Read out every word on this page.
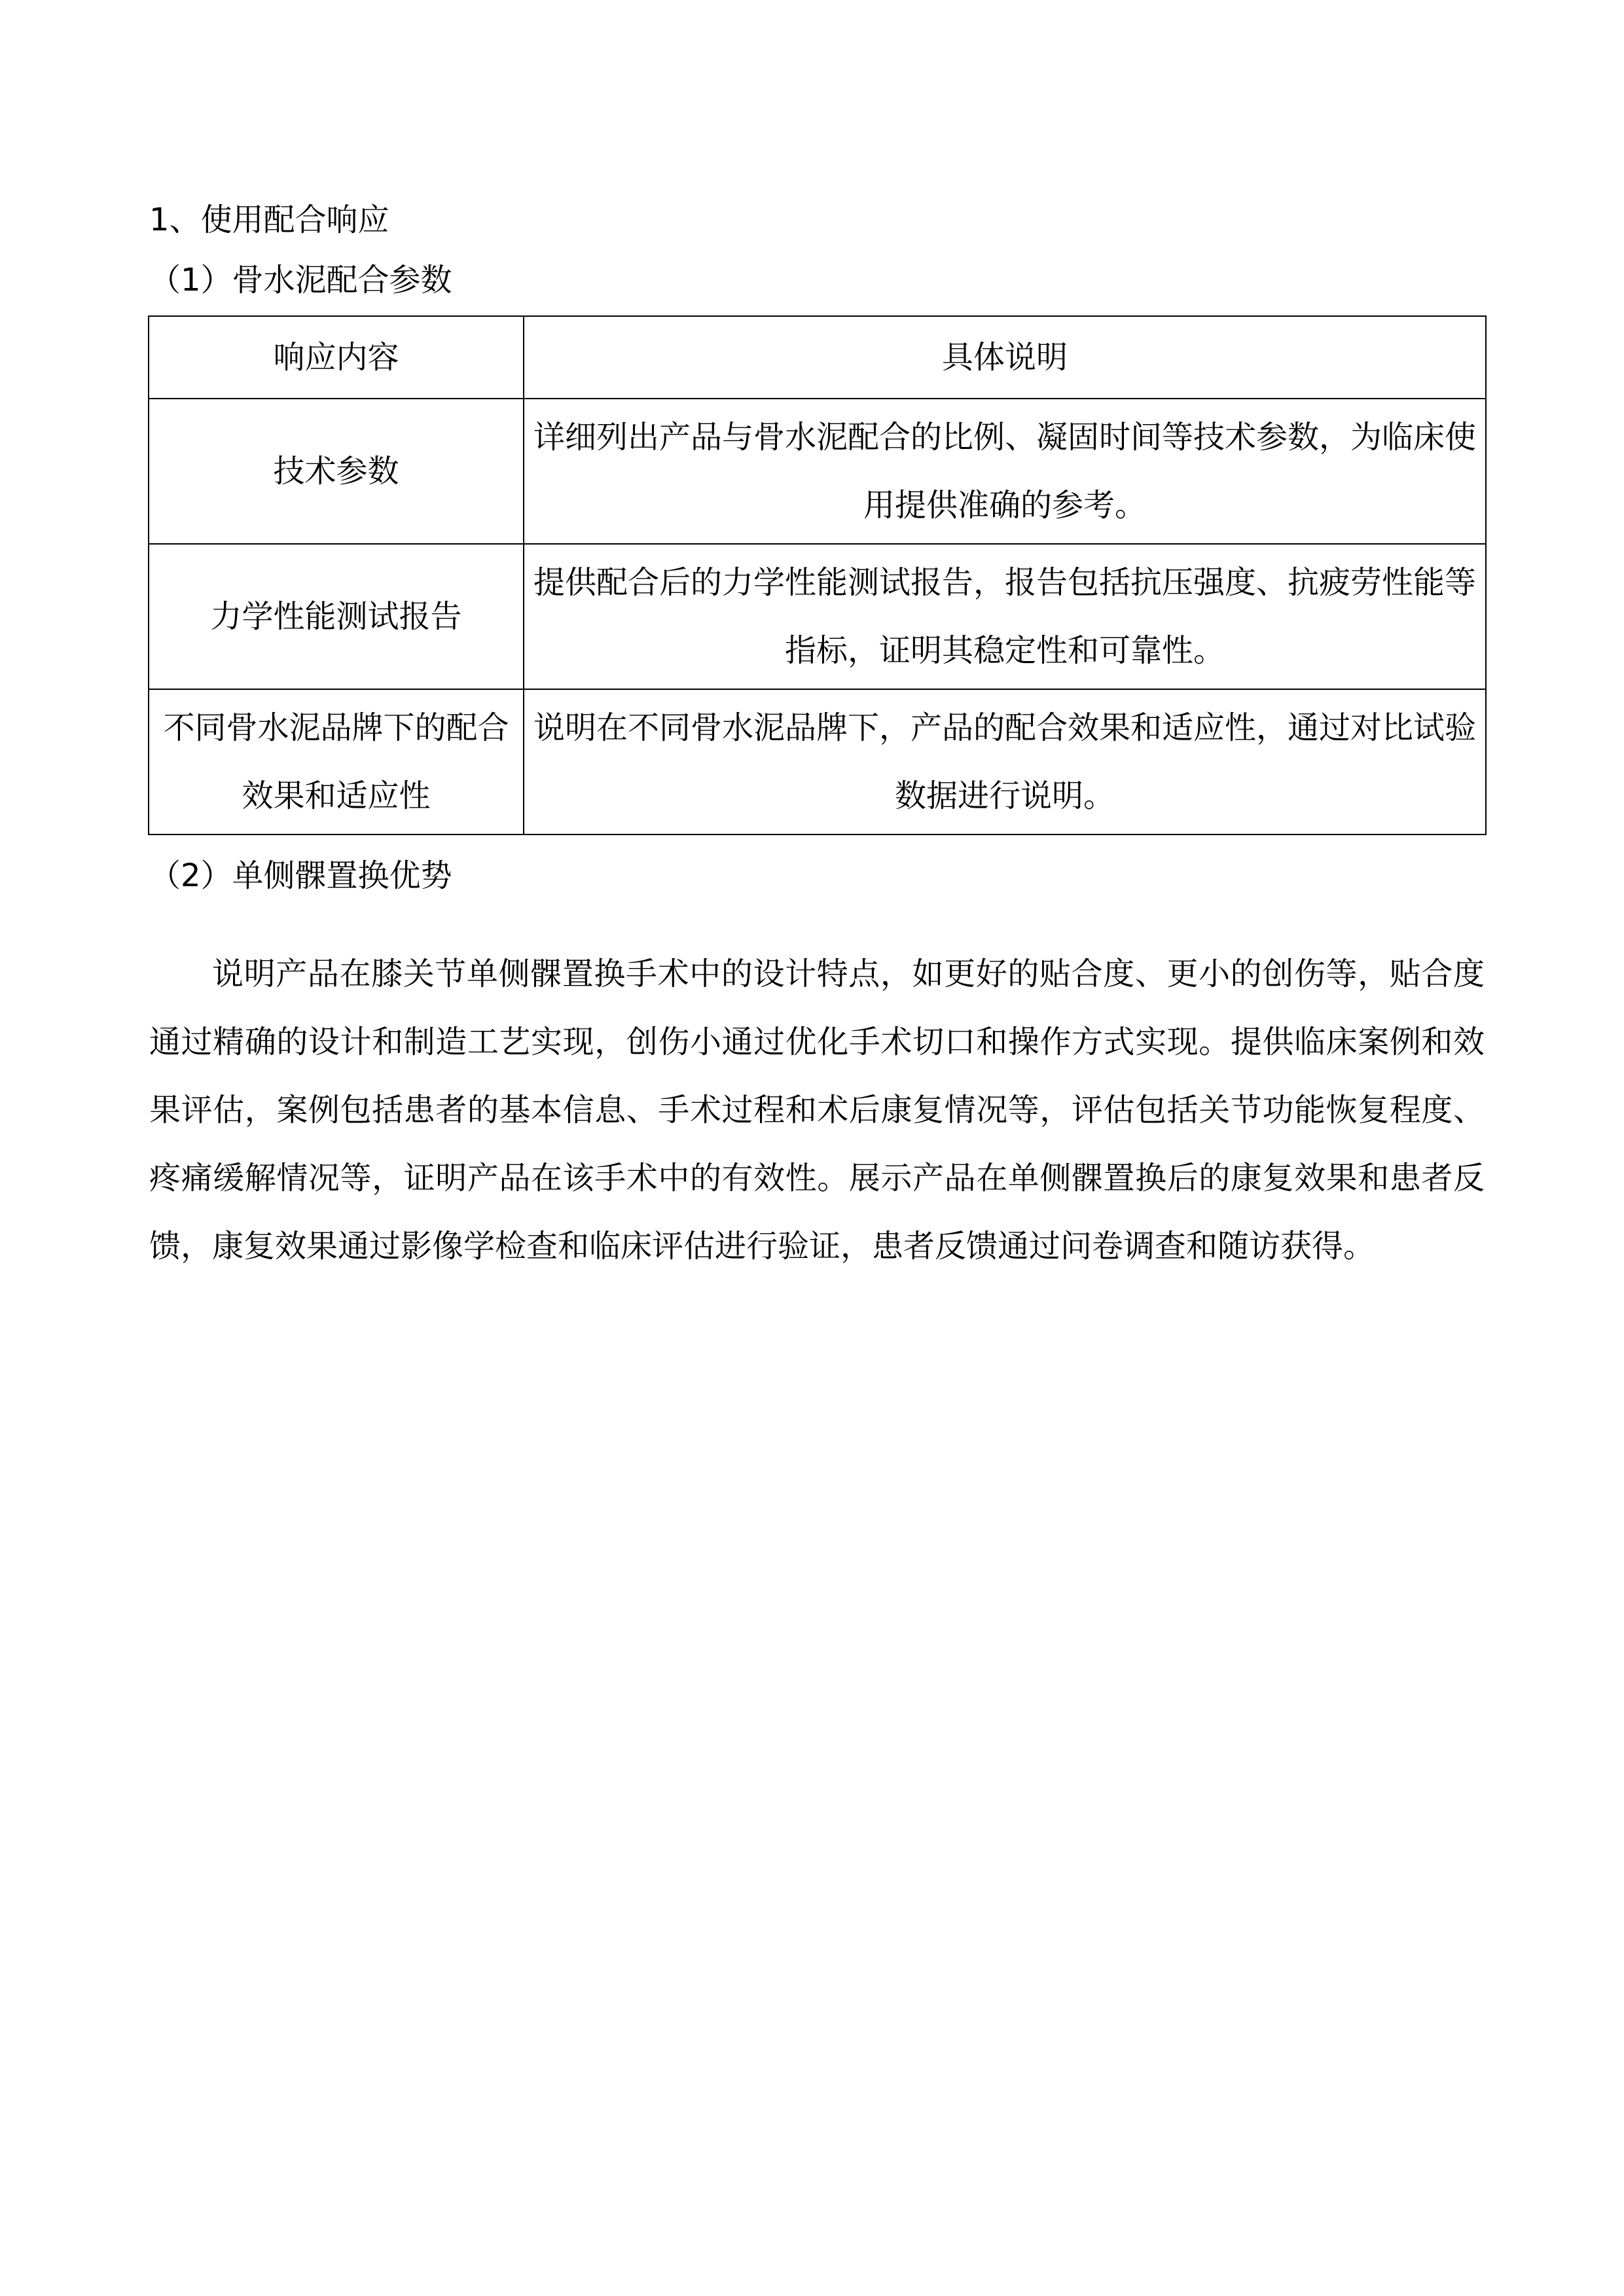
1、使用配合响应
（1）骨水泥配合参数
响应内容	具体说明

技术参数	详细列出产品与骨水泥配合的比例、凝固时间等技术参数，为临床使用提供准确的参考。

力学性能测试报告	提供配合后的力学性能测试报告，报告包括抗压强度、抗疲劳性能等指标，证明其稳定性和可靠性。

不同骨水泥品牌下的配合效果和适应性	说明在不同骨水泥品牌下，产品的配合效果和适应性，通过对比试验数据进行说明。
（2）单侧髁置换优势

说明产品在膝关节单侧髁置换手术中的设计特点，如更好的贴合度、更小的创伤等，贴合度通过精确的设计和制造工艺实现，创伤小通过优化手术切口和操作方式实现。提供临床案例和效果评估，案例包括患者的基本信息、手术过程和术后康复情况等，评估包括关节功能恢复程度、疼痛缓解情况等，证明产品在该手术中的有效性。展示产品在单侧髁置换后的康复效果和患者反馈，康复效果通过影像学检查和临床评估进行验证，患者反馈通过问卷调查和随访获得。
